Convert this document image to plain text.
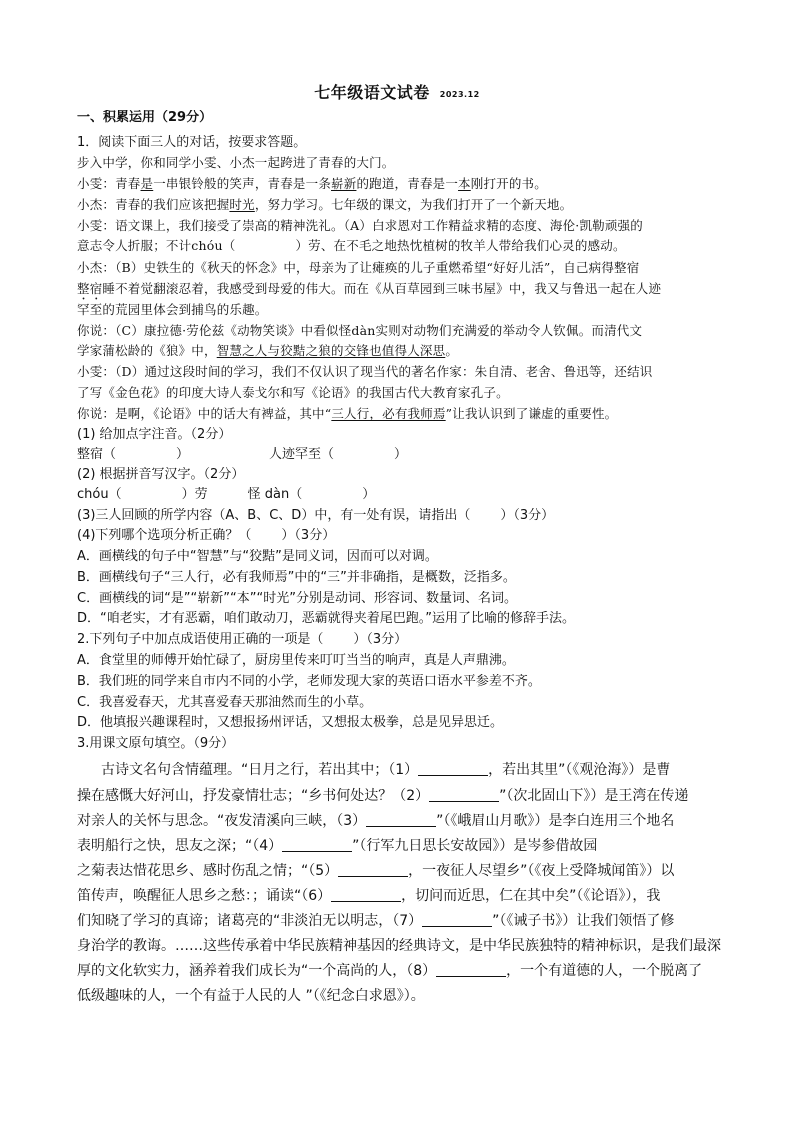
七年级语文试卷 2023.12
一、积累运用（29分）
1．阅读下面三人的对话，按要求答题。
步入中学，你和同学小雯、小杰一起跨进了青春的大门。
小雯：青春是一串银铃般的笑声，青春是一条崭新的跑道，青春是一本刚打开的书。
小杰：青春的我们应该把握时光，努力学习。七年级的课文，为我们打开了一个新天地。
小雯：语文课上，我们接受了崇高的精神洗礼。（A）白求恩对工作精益求精的态度、海伦·凯勒顽强的
意志令人折服；不计chóu（	）劳、在不毛之地热忱植树的牧羊人带给我们心灵的感动。
小杰：（B）史铁生的《秋天的怀念》中，母亲为了让瘫痪的儿子重燃希望“好好儿活”，自己病得整宿
整宿睡不着觉翻滚忍着，我感受到母爱的伟大。而在《从百草园到三味书屋》中，我又与鲁迅一起在人迹
罕至的荒园里体会到捕鸟的乐趣。
你说：（C）康拉德·劳伦兹《动物笑谈》中看似怪dàn实则对动物们充满爱的举动令人钦佩。而清代文
学家蒲松龄的《狼》中，智慧之人与狡黠之狼的交锋也值得人深思。
小雯：（D）通过这段时间的学习，我们不仅认识了现当代的著名作家：朱自清、老舍、鲁迅等，还结识
了写《金色花》的印度大诗人泰戈尔和写《论语》的我国古代大教育家孔子。
你说：是啊，《论语》中的话大有裨益，其中“三人行，必有我师焉”让我认识到了谦虚的重要性。
(1) 给加点字注音。（2分）
整宿（	）	人迹罕至（	）
(2) 根据拼音写汉字。（2分）
chóu（	）劳	怪 dàn（	）
(3)三人回顾的所学内容（A、B、C、D）中，有一处有误，请指出（ ）（3分）
(4)下列哪个选项分析正确？（ ）（3分）
A．画横线的句子中“智慧”与“狡黠”是同义词，因而可以对调。
B．画横线句子“三人行，必有我师焉”中的“三”并非确指，是概数，泛指多。
C．画横线的词“是”“崭新”“本”“时光”分别是动词、形容词、数量词、名词。
D．“咱老实，才有恶霸，咱们敢动刀，恶霸就得夹着尾巴跑。”运用了比喻的修辞手法。
2.下列句子中加点成语使用正确的一项是（ ）（3分）
A．食堂里的师傅开始忙碌了，厨房里传来叮叮当当的响声，真是人声鼎沸。
B．我们班的同学来自市内不同的小学，老师发现大家的英语口语水平参差不齐。
C．我喜爱春天，尤其喜爱春天那油然而生的小草。
D．他填报兴趣课程时，又想报扬州评话，又想报太极拳，总是见异思迁。
3.用课文原句填空。（9分）
古诗文名句含情蕴理。“日月之行，若出其中；（1）	，若出其里”（《观沧海》）是曹
操在感慨大好河山，抒发豪情壮志；“乡书何处达？（2）	”（次北固山下》）是王湾在传递
对亲人的关怀与思念。“夜发清溪向三峡，（3）	”（《峨眉山月歌》）是李白连用三个地名
表明船行之快，思友之深；“（4）	”（行军九日思长安故园》）是岑参借故园
之菊表达惜花思乡、感时伤乱之情；“（5）	，一夜征人尽望乡”（《夜上受降城闻笛》）以
笛传声，唤醒征人思乡之愁：；诵读“（6）	，切问而近思，仁在其中矣”（《论语》），我
们知晓了学习的真谛；诸葛亮的“非淡泊无以明志，（7）	”（《诫子书》）让我们领悟了修
身治学的教诲。……这些传承着中华民族精神基因的经典诗文，是中华民族独特的精神标识，是我们最深
厚的文化软实力，涵养着我们成长为“一个高尚的人，（8）	，一个有道德的人，一个脱离了
低级趣味的人，一个有益于人民的人 ”（《纪念白求恩》）。
